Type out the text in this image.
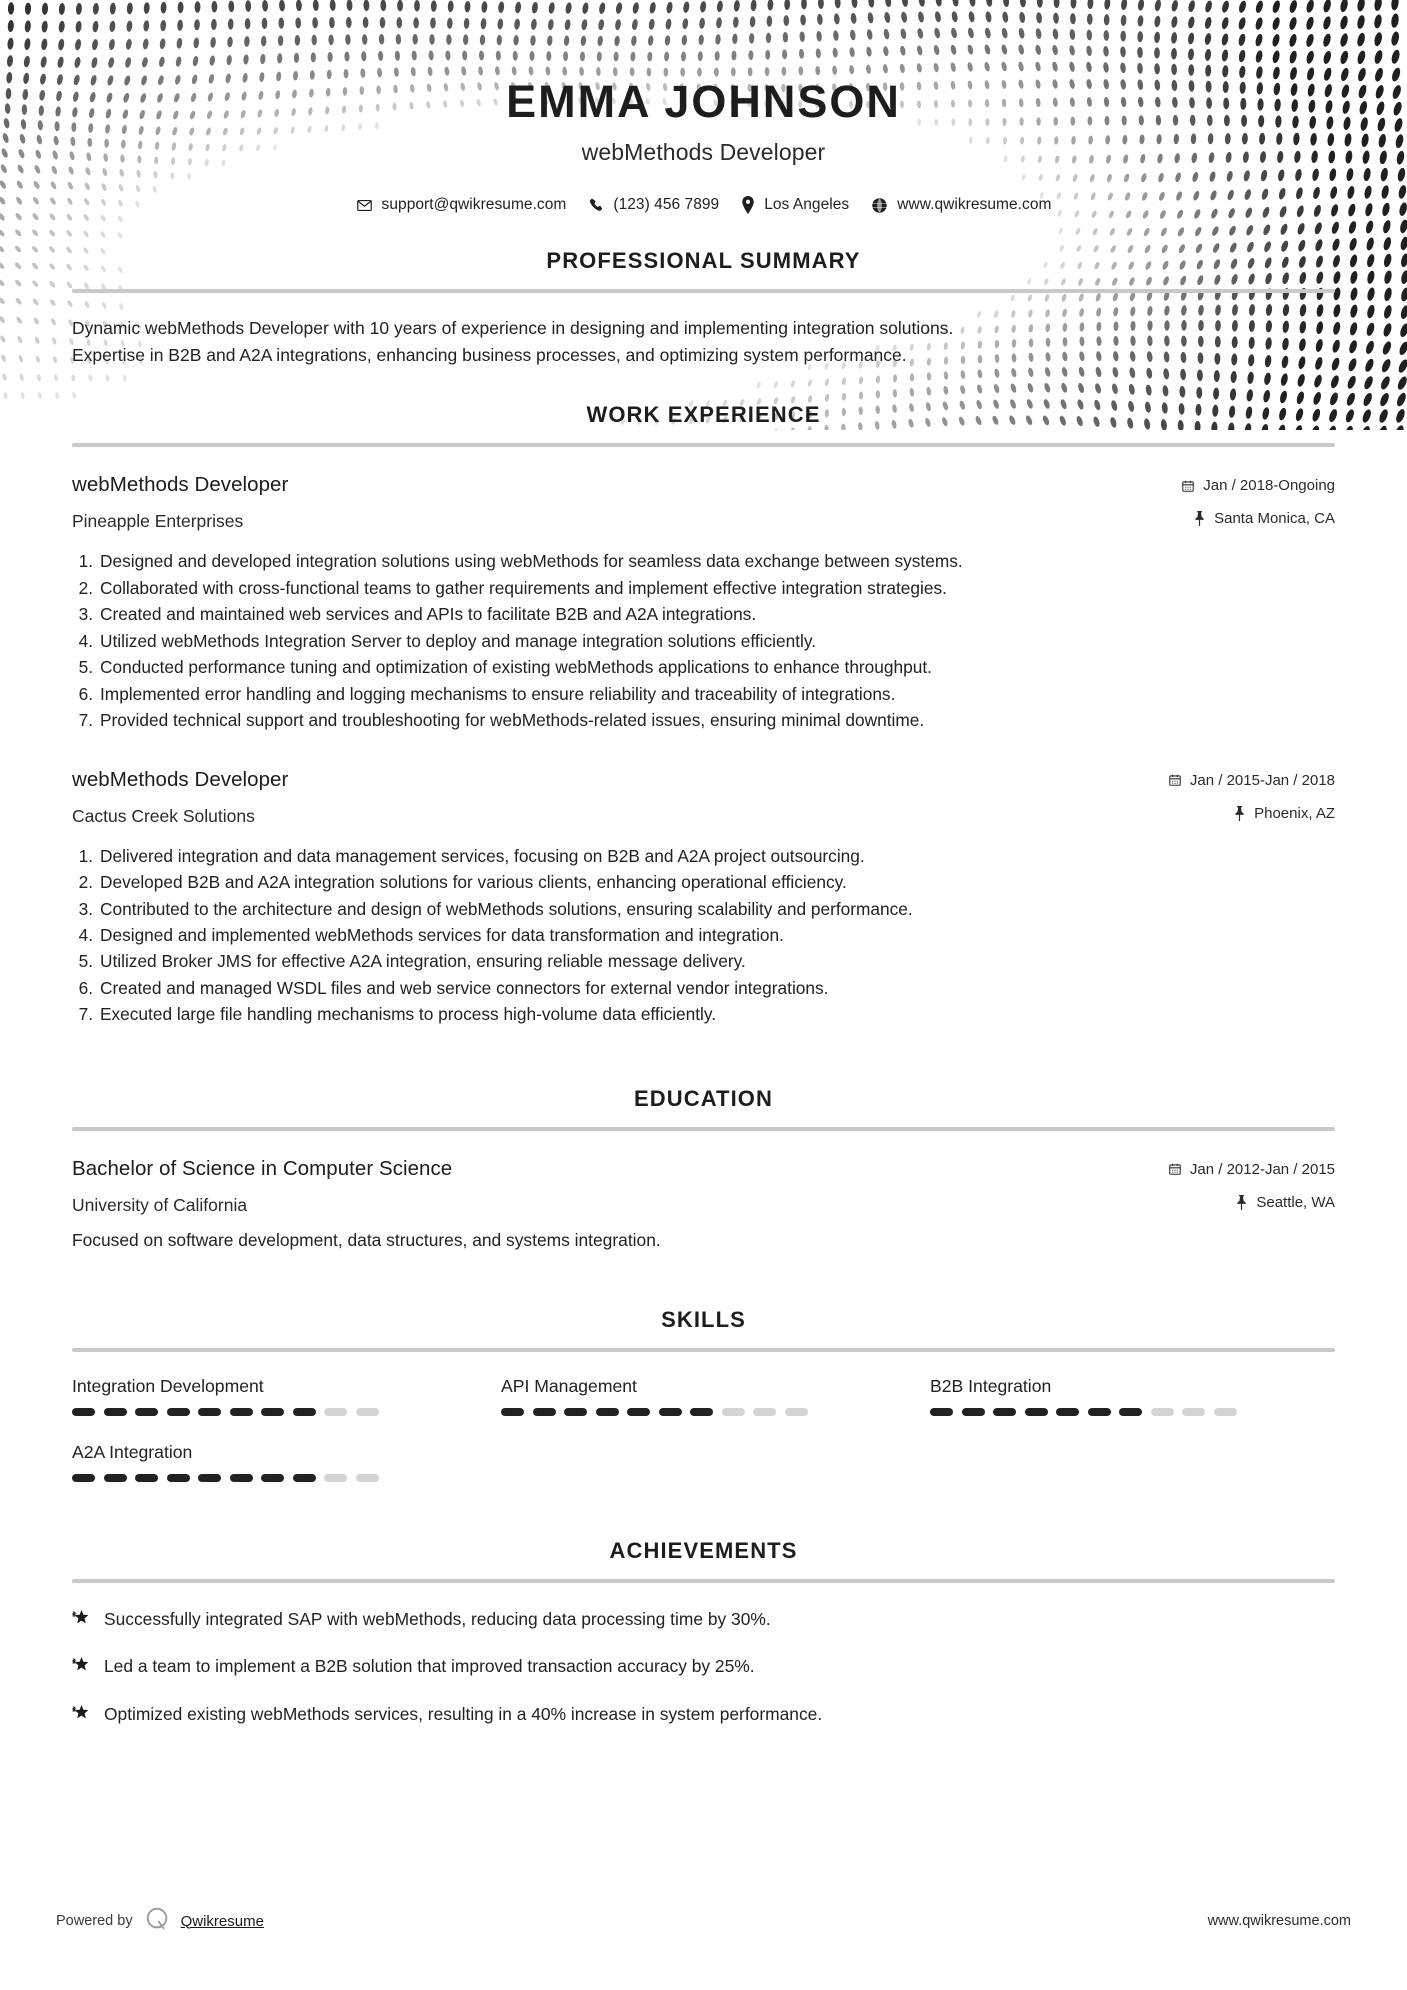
EMMA JOHNSON
webMethods Developer
support@qwikresume.com	(123) 456 7899	Los Angeles	www.qwikresume.com
PROFESSIONAL SUMMARY

Dynamic webMethods Developer with 10 years of experience in designing and implementing integration solutions.

Expertise in B2B and A2A integrations, enhancing business processes, and optimizing system performance.

WORK EXPERIENCE
webMethods Developer
Pineapple Enterprises
Jan / 2018-Ongoing
Santa Monica, CA
1. Designed and developed integration solutions using webMethods for seamless data exchange between systems.
2. Collaborated with cross-functional teams to gather requirements and implement effective integration strategies.
3. Created and maintained web services and APIs to facilitate B2B and A2A integrations.
4. Utilized webMethods Integration Server to deploy and manage integration solutions efficiently.
5. Conducted performance tuning and optimization of existing webMethods applications to enhance throughput.
6. Implemented error handling and logging mechanisms to ensure reliability and traceability of integrations.
7. Provided technical support and troubleshooting for webMethods-related issues, ensuring minimal downtime.
webMethods Developer
Cactus Creek Solutions
Jan / 2015-Jan / 2018
Phoenix, AZ
1. Delivered integration and data management services, focusing on B2B and A2A project outsourcing.
2. Developed B2B and A2A integration solutions for various clients, enhancing operational efficiency.
3. Contributed to the architecture and design of webMethods solutions, ensuring scalability and performance.
4. Designed and implemented webMethods services for data transformation and integration.
5. Utilized Broker JMS for effective A2A integration, ensuring reliable message delivery.
6. Created and managed WSDL files and web service connectors for external vendor integrations.
7. Executed large file handling mechanisms to process high-volume data efficiently.
EDUCATION
Bachelor of Science in Computer Science
University of California
Jan / 2012-Jan / 2015
Seattle, WA
Focused on software development, data structures, and systems integration.
SKILLS
Integration Development	API Management	B2B Integration
A2A Integration
ACHIEVEMENTS
Successfully integrated SAP with webMethods, reducing data processing time by 30%.
Led a team to implement a B2B solution that improved transaction accuracy by 25%.
Optimized existing webMethods services, resulting in a 40% increase in system performance.
Powered by	Qwikresume	www.qwikresume.com
